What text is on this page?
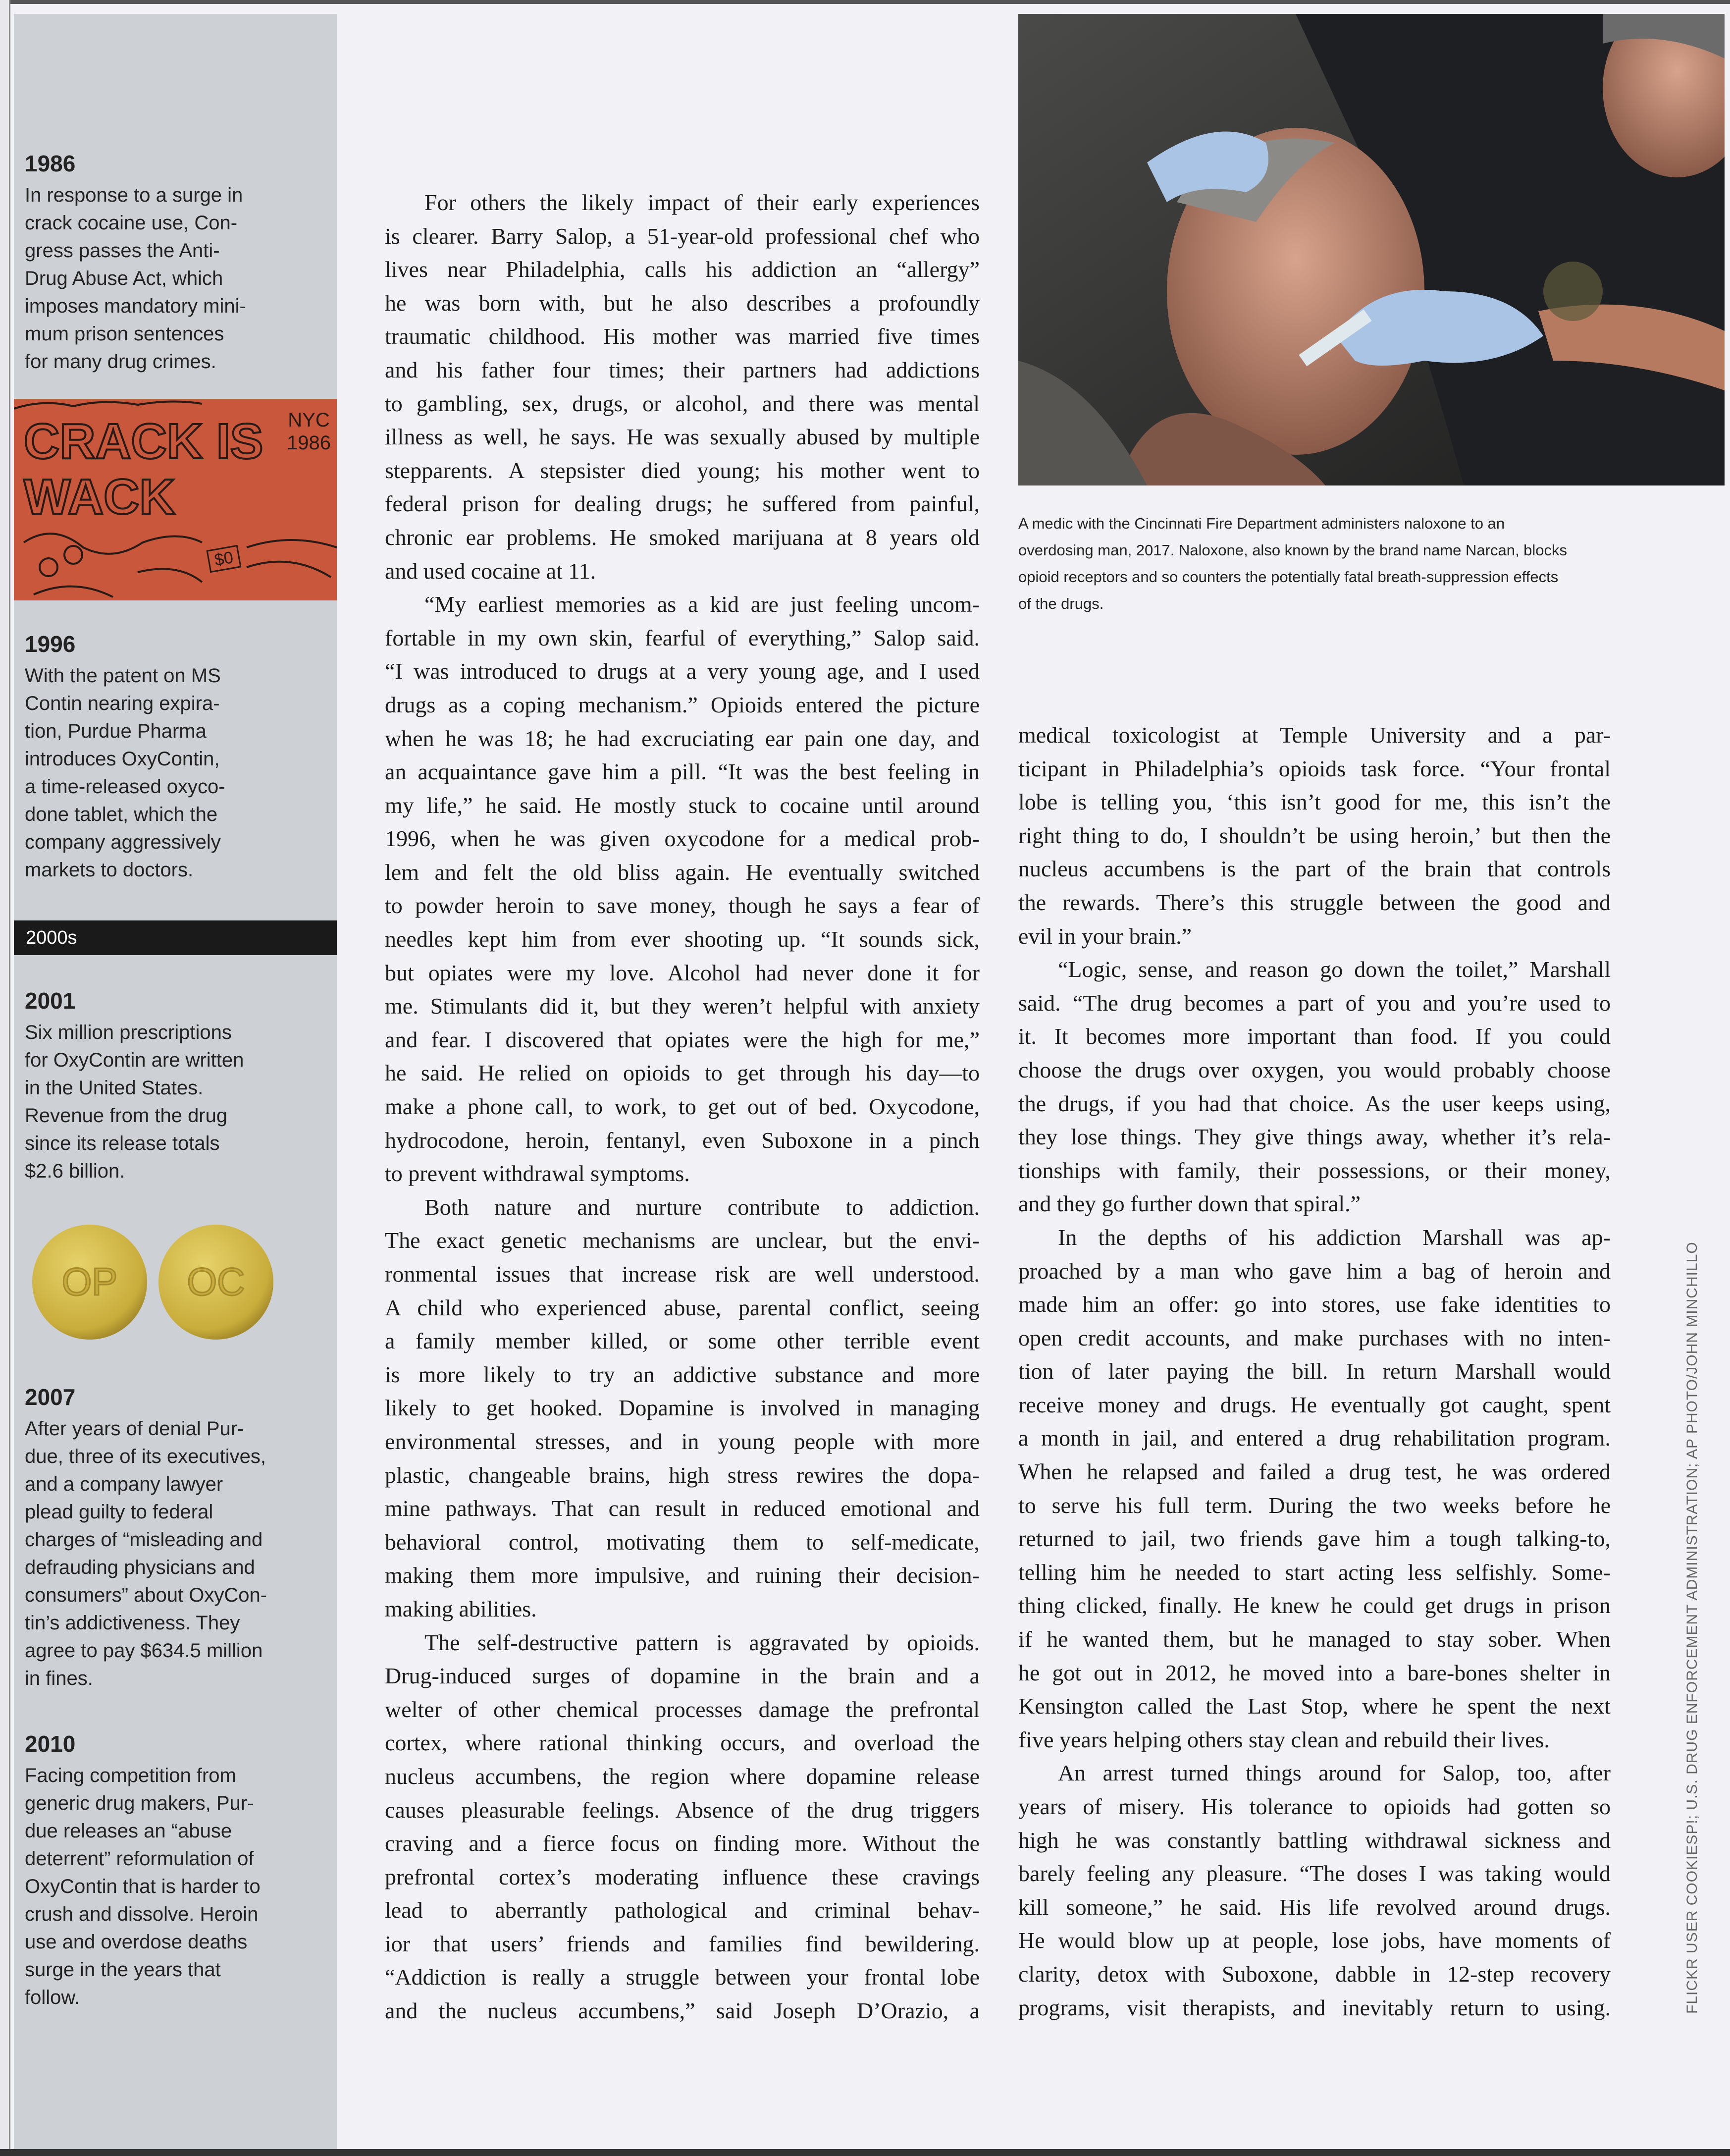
1986
In response to a surge in
crack cocaine use, Con-
gress passes the Anti-
Drug Abuse Act, which
imposes mandatory mini-
mum prison sentences
for many drug crimes.
1996
With the patent on MS
Contin nearing expira-
tion, Purdue Pharma
introduces OxyContin,
a time-released oxyco-
done tablet, which the
company aggressively
markets to doctors.
2001
Six million prescriptions
for OxyContin are written
in the United States.
Revenue from the drug
since its release totals
$2.6 billion.
2007
After years of denial Pur-
due, three of its executives,
and a company lawyer
plead guilty to federal
charges of “misleading and
defrauding physicians and
consumers” about OxyCon-
tin’s addictiveness. They
agree to pay $634.5 million
in fines.
2010
Facing competition from
generic drug makers, Pur-
due releases an “abuse
deterrent” reformulation of
OxyContin that is harder to
crush and dissolve. Heroin
use and overdose deaths
surge in the years that
follow.
CRACK IS WACK
NYC 1986
$0
2000s
OP OC
For others the likely impact of their early experiences
is clearer. Barry Salop, a 51-year-old professional chef who
lives near Philadelphia, calls his addiction an “allergy”
he was born with, but he also describes a profoundly
traumatic childhood. His mother was married five times
and his father four times; their partners had addictions
to gambling, sex, drugs, or alcohol, and there was mental
illness as well, he says. He was sexually abused by multiple
stepparents. A stepsister died young; his mother went to
federal prison for dealing drugs; he suffered from painful,
chronic ear problems. He smoked marijuana at 8 years old
and used cocaine at 11.
“My earliest memories as a kid are just feeling uncom-
fortable in my own skin, fearful of everything,” Salop said.
“I was introduced to drugs at a very young age, and I used
drugs as a coping mechanism.” Opioids entered the picture
when he was 18; he had excruciating ear pain one day, and
an acquaintance gave him a pill. “It was the best feeling in
my life,” he said. He mostly stuck to cocaine until around
1996, when he was given oxycodone for a medical prob-
lem and felt the old bliss again. He eventually switched
to powder heroin to save money, though he says a fear of
needles kept him from ever shooting up. “It sounds sick,
but opiates were my love. Alcohol had never done it for
me. Stimulants did it, but they weren’t helpful with anxiety
and fear. I discovered that opiates were the high for me,”
he said. He relied on opioids to get through his day—to
make a phone call, to work, to get out of bed. Oxycodone,
hydrocodone, heroin, fentanyl, even Suboxone in a pinch
to prevent withdrawal symptoms.
Both nature and nurture contribute to addiction.
The exact genetic mechanisms are unclear, but the envi-
ronmental issues that increase risk are well understood.
A child who experienced abuse, parental conflict, seeing
a family member killed, or some other terrible event
is more likely to try an addictive substance and more
likely to get hooked. Dopamine is involved in managing
environmental stresses, and in young people with more
plastic, changeable brains, high stress rewires the dopa-
mine pathways. That can result in reduced emotional and
behavioral control, motivating them to self-medicate,
making them more impulsive, and ruining their decision-
making abilities.
The self-destructive pattern is aggravated by opioids.
Drug-induced surges of dopamine in the brain and a
welter of other chemical processes damage the prefrontal
cortex, where rational thinking occurs, and overload the
nucleus accumbens, the region where dopamine release
causes pleasurable feelings. Absence of the drug triggers
craving and a fierce focus on finding more. Without the
prefrontal cortex’s moderating influence these cravings
lead to aberrantly pathological and criminal behav-
ior that users’ friends and families find bewildering.
“Addiction is really a struggle between your frontal lobe
and the nucleus accumbens,” said Joseph D’Orazio, a
A medic with the Cincinnati Fire Department administers naloxone to an
overdosing man, 2017. Naloxone, also known by the brand name Narcan, blocks
opioid receptors and so counters the potentially fatal breath-suppression effects
of the drugs.
medical toxicologist at Temple University and a par-
ticipant in Philadelphia’s opioids task force. “Your frontal
lobe is telling you, ‘this isn’t good for me, this isn’t the
right thing to do, I shouldn’t be using heroin,’ but then the
nucleus accumbens is the part of the brain that controls
the rewards. There’s this struggle between the good and
evil in your brain.”
“Logic, sense, and reason go down the toilet,” Marshall
said. “The drug becomes a part of you and you’re used to
it. It becomes more important than food. If you could
choose the drugs over oxygen, you would probably choose
the drugs, if you had that choice. As the user keeps using,
they lose things. They give things away, whether it’s rela-
tionships with family, their possessions, or their money,
and they go further down that spiral.”
In the depths of his addiction Marshall was ap-
proached by a man who gave him a bag of heroin and
made him an offer: go into stores, use fake identities to
open credit accounts, and make purchases with no inten-
tion of later paying the bill. In return Marshall would
receive money and drugs. He eventually got caught, spent
a month in jail, and entered a drug rehabilitation program.
When he relapsed and failed a drug test, he was ordered
to serve his full term. During the two weeks before he
returned to jail, two friends gave him a tough talking-to,
telling him he needed to start acting less selfishly. Some-
thing clicked, finally. He knew he could get drugs in prison
if he wanted them, but he managed to stay sober. When
he got out in 2012, he moved into a bare-bones shelter in
Kensington called the Last Stop, where he spent the next
five years helping others stay clean and rebuild their lives.
An arrest turned things around for Salop, too, after
years of misery. His tolerance to opioids had gotten so
high he was constantly battling withdrawal sickness and
barely feeling any pleasure. “The doses I was taking would
kill someone,” he said. His life revolved around drugs.
He would blow up at people, lose jobs, have moments of
clarity, detox with Suboxone, dabble in 12-step recovery
programs, visit therapists, and inevitably return to using.	FLICKR USER COOKIESP!; U.S. DRUG ENFORCEMENT ADMINISTRATION; AP PHOTO/JOHN MINCHILLO
